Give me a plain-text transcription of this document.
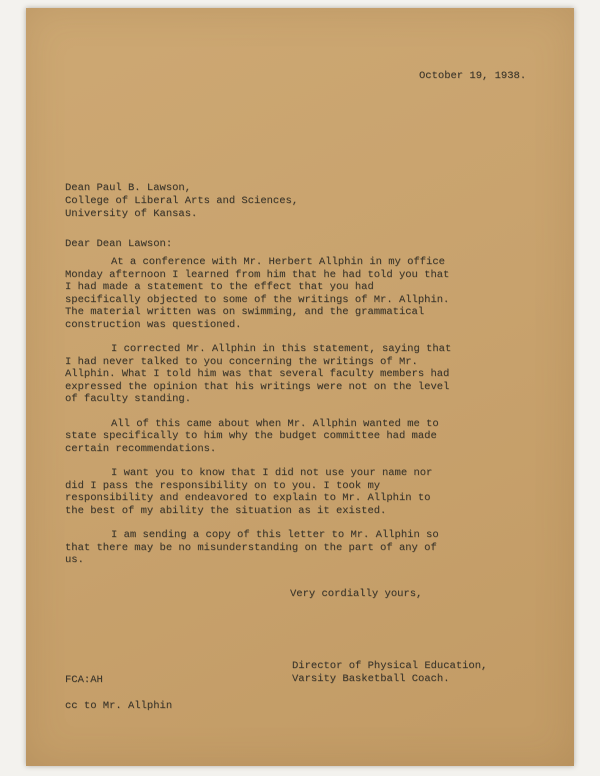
October 19, 1938.
Dean Paul B. Lawson,
College of Liberal Arts and Sciences,
University of Kansas.
Dear Dean Lawson:

At a conference with Mr. Herbert Allphin in my office Monday afternoon I learned from him that he had told you that I had made a statement to the effect that you had specifically objected to some of the writings of Mr. Allphin. The material written was on swimming, and the grammatical construction was questioned.

I corrected Mr. Allphin in this statement, saying that I had never talked to you concerning the writings of Mr. Allphin. What I told him was that several faculty members had expressed the opinion that his writings were not on the level of faculty standing.

All of this came about when Mr. Allphin wanted me to state specifically to him why the budget committee had made certain recommendations.

I want you to know that I did not use your name nor did I pass the responsibility on to you. I took my responsibility and endeavored to explain to Mr. Allphin to the best of my ability the situation as it existed.

I am sending a copy of this letter to Mr. Allphin so that there may be no misunderstanding on the part of any of us.

Very cordially yours,
Director of Physical Education,
Varsity Basketball Coach.
FCA:AH
cc to Mr. Allphin
